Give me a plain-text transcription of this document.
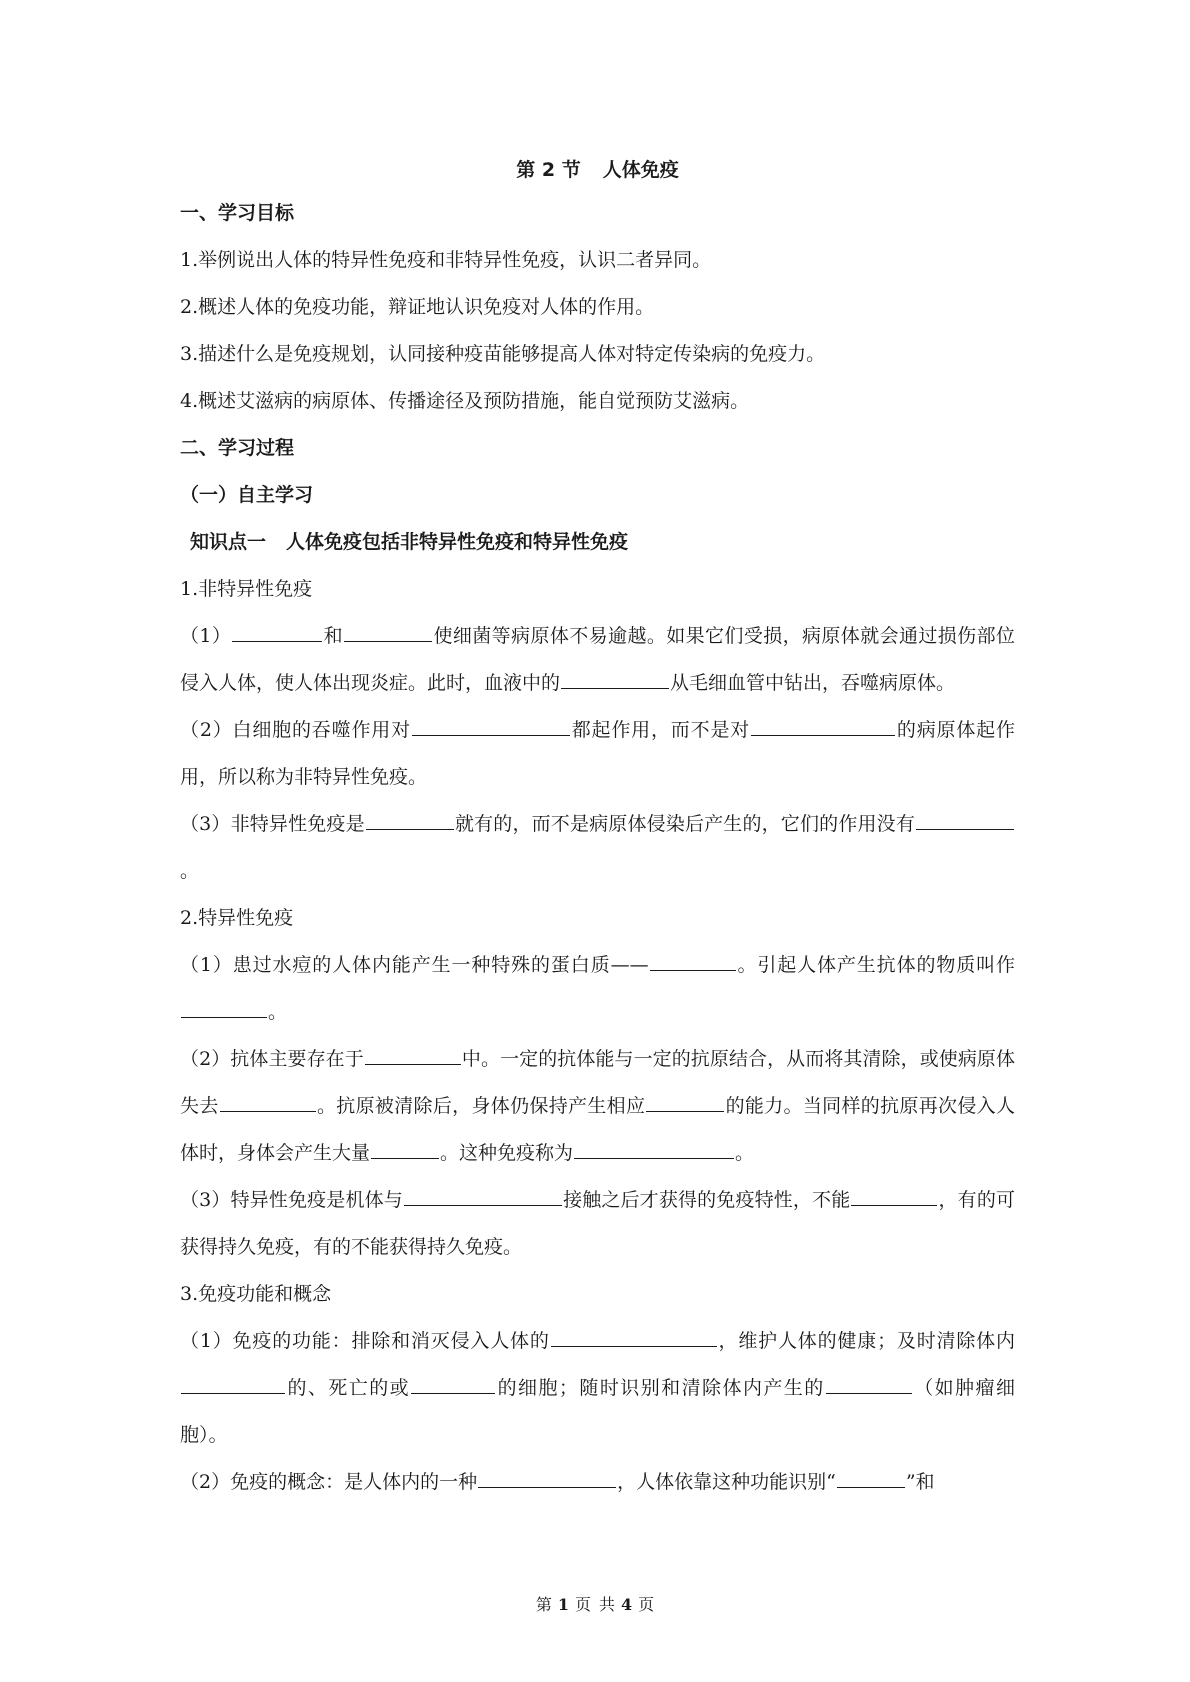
第 2 节 人体免疫
一、学习目标
1.举例说出人体的特异性免疫和非特异性免疫，认识二者异同。
2.概述人体的免疫功能，辩证地认识免疫对人体的作用。
3.描述什么是免疫规划，认同接种疫苗能够提高人体对特定传染病的免疫力。
4.概述艾滋病的病原体、传播途径及预防措施，能自觉预防艾滋病。
二、学习过程
（一）自主学习
知识点一 人体免疫包括非特异性免疫和特异性免疫
1.非特异性免疫
（1）	和	使细菌等病原体不易逾越。如果它们受损，病原体就会通过损伤部位侵入人体，使人体出现炎症。此时，血液中的	从毛细血管中钻出，吞噬病原体。
（2）白细胞的吞噬作用对	都起作用，而不是对	的病原体起作用，所以称为非特异性免疫。
（3）非特异性免疫是	就有的，而不是病原体侵染后产生的，它们的作用没有。
2.特异性免疫
（1）患过水痘的人体内能产生一种特殊的蛋白质——	。引起人体产生抗体的物质叫作。
（2）抗体主要存在于	中。一定的抗体能与一定的抗原结合，从而将其清除，或使病原体失去	。抗原被清除后，身体仍保持产生相应	的能力。当同样的抗原再次侵入人体时，身体会产生大量	。这种免疫称为	。
（3）特异性免疫是机体与	接触之后才获得的免疫特性，不能	，有的可获得持久免疫，有的不能获得持久免疫。
3.免疫功能和概念
（1）免疫的功能：排除和消灭侵入人体的	，维护人体的健康；及时清除体内的、死亡的或	的细胞；随时识别和清除体内产生的	（如肿瘤细胞）。
（2）免疫的概念：是人体内的一种	，人体依靠这种功能识别“	”和
第 1 页 共 4 页
